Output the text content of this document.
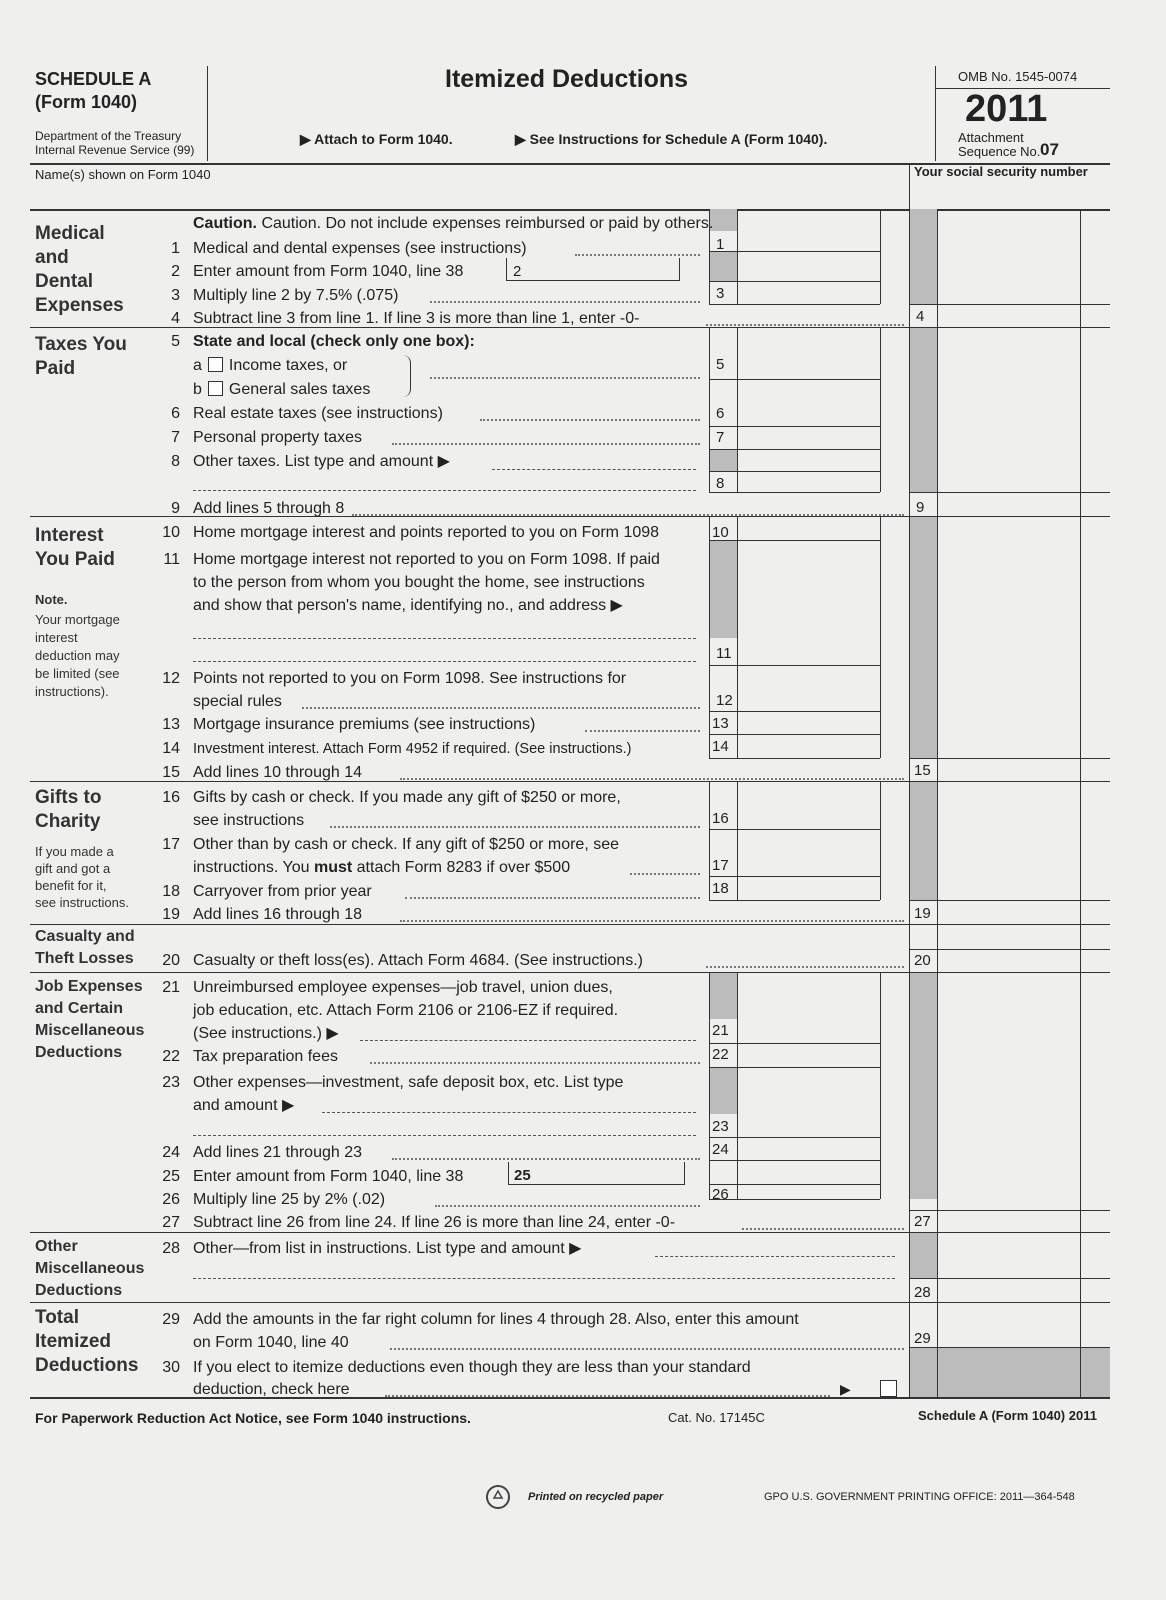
SCHEDULE A
(Form 1040)
Department of the Treasury
Internal Revenue Service (99)
Itemized Deductions
▶ Attach to Form 1040.	▶ See Instructions for Schedule A (Form 1040).
OMB No. 1545-0074
2011
Attachment
Sequence No. 07
Name(s) shown on Form 1040	Your social security number
Medical
and
Dental
Expenses
Taxes You
Paid
Interest
You Paid
Note.
Your mortgage
interest
deduction may
be limited (see
instructions).
Gifts to
Charity
If you made a
gift and got a
benefit for it,
see instructions.
Casualty and
Theft Losses
Job Expenses
and Certain
Miscellaneous
Deductions
Other
Miscellaneous
Deductions
Total
Itemized
Deductions
Caution. Caution. Do not include expenses reimbursed or paid by others.
1 Medical and dental expenses (see instructions)	1
2 Enter amount from Form 1040, line 38	2
3 Multiply line 2 by 7.5% (.075)	3
4 Subtract line 3 from line 1. If line 3 is more than line 1, enter -0-	4
5 State and local (check only one box):
a Income taxes, or
b General sales taxes
5
6 Real estate taxes (see instructions)	6
7 Personal property taxes	7
8 Other taxes. List type and amount ▶
8
9 Add lines 5 through 8	9
10 Home mortgage interest and points reported to you on Form 1098	10
11 Home mortgage interest not reported to you on Form 1098. If paid
to the person from whom you bought the home, see instructions
and show that person's name, identifying no., and address ▶
11
12 Points not reported to you on Form 1098. See instructions for
special rules	12
13 Mortgage insurance premiums (see instructions)	13
14 Investment interest. Attach Form 4952 if required. (See instructions.)	14
15 Add lines 10 through 14	15
16 Gifts by cash or check. If you made any gift of $250 or more,
see instructions	16
17 Other than by cash or check. If any gift of $250 or more, see
instructions. You must attach Form 8283 if over $500	17
18 Carryover from prior year	18
19 Add lines 16 through 18	19
20 Casualty or theft loss(es). Attach Form 4684. (See instructions.)	20
21 Unreimbursed employee expenses—job travel, union dues,
job education, etc. Attach Form 2106 or 2106-EZ if required.
(See instructions.) ▶	21
22 Tax preparation fees	22
23 Other expenses—investment, safe deposit box, etc. List type
and amount ▶
23
24 Add lines 21 through 23	24
25 Enter amount from Form 1040, line 38	25
26 Multiply line 25 by 2% (.02)	26
27 Subtract line 26 from line 24. If line 26 is more than line 24, enter -0-	27
28 Other—from list in instructions. List type and amount ▶
28
29 Add the amounts in the far right column for lines 4 through 28. Also, enter this amount
on Form 1040, line 40	29
30 If you elect to itemize deductions even though they are less than your standard
deduction, check here	▶
For Paperwork Reduction Act Notice, see Form 1040 instructions.	Cat. No. 17145C	Schedule A (Form 1040) 2011
Printed on recycled paper	GPO U.S. GOVERNMENT PRINTING OFFICE: 2011—364-548
